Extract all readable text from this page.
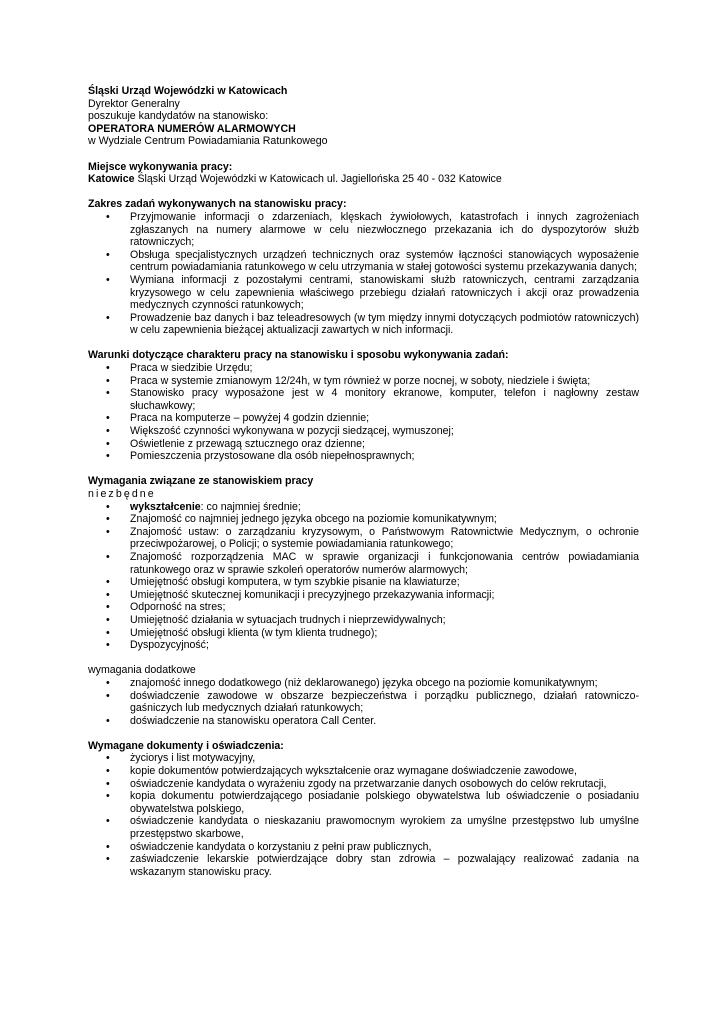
Śląski Urząd Wojewódzki w Katowicach
Dyrektor Generalny
poszukuje kandydatów na stanowisko:
OPERATORA NUMERÓW ALARMOWYCH
w Wydziale Centrum Powiadamiania Ratunkowego
Miejsce wykonywania pracy:
Katowice Śląski Urząd Wojewódzki w Katowicach ul. Jagiellońska 25 40 - 032 Katowice
Zakres zadań wykonywanych na stanowisku pracy:
• Przyjmowanie informacji o zdarzeniach, klęskach żywiołowych, katastrofach i innych zagrożeniach zgłaszanych na numery alarmowe w celu niezwłocznego przekazania ich do dyspozytorów służb ratowniczych;
• Obsługa specjalistycznych urządzeń technicznych oraz systemów łączności stanowiących wyposażenie centrum powiadamiania ratunkowego w celu utrzymania w stałej gotowości systemu przekazywania danych;
• Wymiana informacji z pozostałymi centrami, stanowiskami służb ratowniczych, centrami zarządzania kryzysowego w celu zapewnienia właściwego przebiegu działań ratowniczych i akcji oraz prowadzenia medycznych czynności ratunkowych;
• Prowadzenie baz danych i baz teleadresowych (w tym między innymi dotyczących podmiotów ratowniczych) w celu zapewnienia bieżącej aktualizacji zawartych w nich informacji.
Warunki dotyczące charakteru pracy na stanowisku i sposobu wykonywania zadań:
• Praca w siedzibie Urzędu;
• Praca w systemie zmianowym 12/24h, w tym również w porze nocnej, w soboty, niedziele i święta;
• Stanowisko pracy wyposażone jest w 4 monitory ekranowe, komputer, telefon i nagłowny zestaw słuchawkowy;
• Praca na komputerze – powyżej 4 godzin dziennie;
• Większość czynności wykonywana w pozycji siedzącej, wymuszonej;
• Oświetlenie z przewagą sztucznego oraz dzienne;
• Pomieszczenia przystosowane dla osób niepełnosprawnych;
Wymagania związane ze stanowiskiem pracy
niezbędne
• wykształcenie: co najmniej średnie;
• Znajomość co najmniej jednego języka obcego na poziomie komunikatywnym;
• Znajomość ustaw: o zarządzaniu kryzysowym, o Państwowym Ratownictwie Medycznym, o ochronie przeciwpożarowej, o Policji; o systemie powiadamiania ratunkowego;
• Znajomość rozporządzenia MAC w sprawie organizacji i funkcjonowania centrów powiadamiania ratunkowego oraz w sprawie szkoleń operatorów numerów alarmowych;
• Umiejętność obsługi komputera, w tym szybkie pisanie na klawiaturze;
• Umiejętność skutecznej komunikacji i precyzyjnego przekazywania informacji;
• Odporność na stres;
• Umiejętność działania w sytuacjach trudnych i nieprzewidywalnych;
• Umiejętność obsługi klienta (w tym klienta trudnego);
• Dyspozycyjność;
wymagania dodatkowe
• znajomość innego dodatkowego (niż deklarowanego) języka obcego na poziomie komunikatywnym;
• doświadczenie zawodowe w obszarze bezpieczeństwa i porządku publicznego, działań ratowniczo-gaśniczych lub medycznych działań ratunkowych;
• doświadczenie na stanowisku operatora Call Center.
Wymagane dokumenty i oświadczenia:
• życiorys i list motywacyjny,
• kopie dokumentów potwierdzających wykształcenie oraz wymagane doświadczenie zawodowe,
• oświadczenie kandydata o wyrażeniu zgody na przetwarzanie danych osobowych do celów rekrutacji,
• kopia dokumentu potwierdzającego posiadanie polskiego obywatelstwa lub oświadczenie o posiadaniu obywatelstwa polskiego,
• oświadczenie kandydata o nieskazaniu prawomocnym wyrokiem za umyślne przestępstwo lub umyślne przestępstwo skarbowe,
• oświadczenie kandydata o korzystaniu z pełni praw publicznych,
• zaświadczenie lekarskie potwierdzające dobry stan zdrowia – pozwalający realizować zadania na wskazanym stanowisku pracy.
